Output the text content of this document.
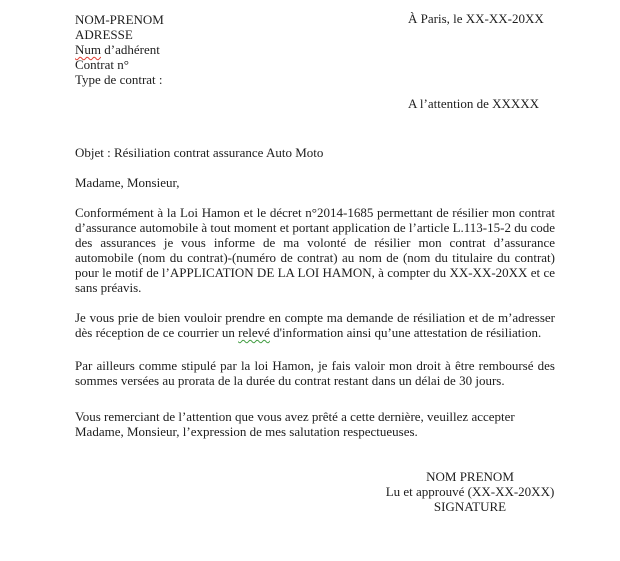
À Paris, le XX-XX-20XX
A l’attention de XXXXX

NOM-PRENOM

ADRESSE

Num d’adhérent

Contrat n°

Type de contrat :

Objet : Résiliation contrat assurance Auto Moto

Madame, Monsieur,

Conformément à la Loi Hamon et le décret n°2014-1685 permettant de résilier mon contrat d’assurance automobile à tout moment et portant application de l’article L.113-15-2 du code des assurances je vous informe de ma volonté de résilier mon contrat d’assurance automobile (nom du contrat)-(numéro de contrat) au nom de (nom du titulaire du contrat) pour le motif de l’APPLICATION DE LA LOI HAMON, à compter du XX-XX-20XX et ce sans préavis.

Je vous prie de bien vouloir prendre en compte ma demande de résiliation et de m’adresser dès réception de ce courrier un relevé d'information ainsi qu’une attestation de résiliation.

Par ailleurs comme stipulé par la loi Hamon, je fais valoir mon droit à être remboursé des sommes versées au prorata de la durée du contrat restant dans un délai de 30 jours.

Vous remerciant de l’attention que vous avez prêté a cette dernière, veuillez accepter Madame, Monsieur, l’expression de mes salutation respectueuses.

NOM PRENOM

Lu et approuvé (XX-XX-20XX)

SIGNATURE
